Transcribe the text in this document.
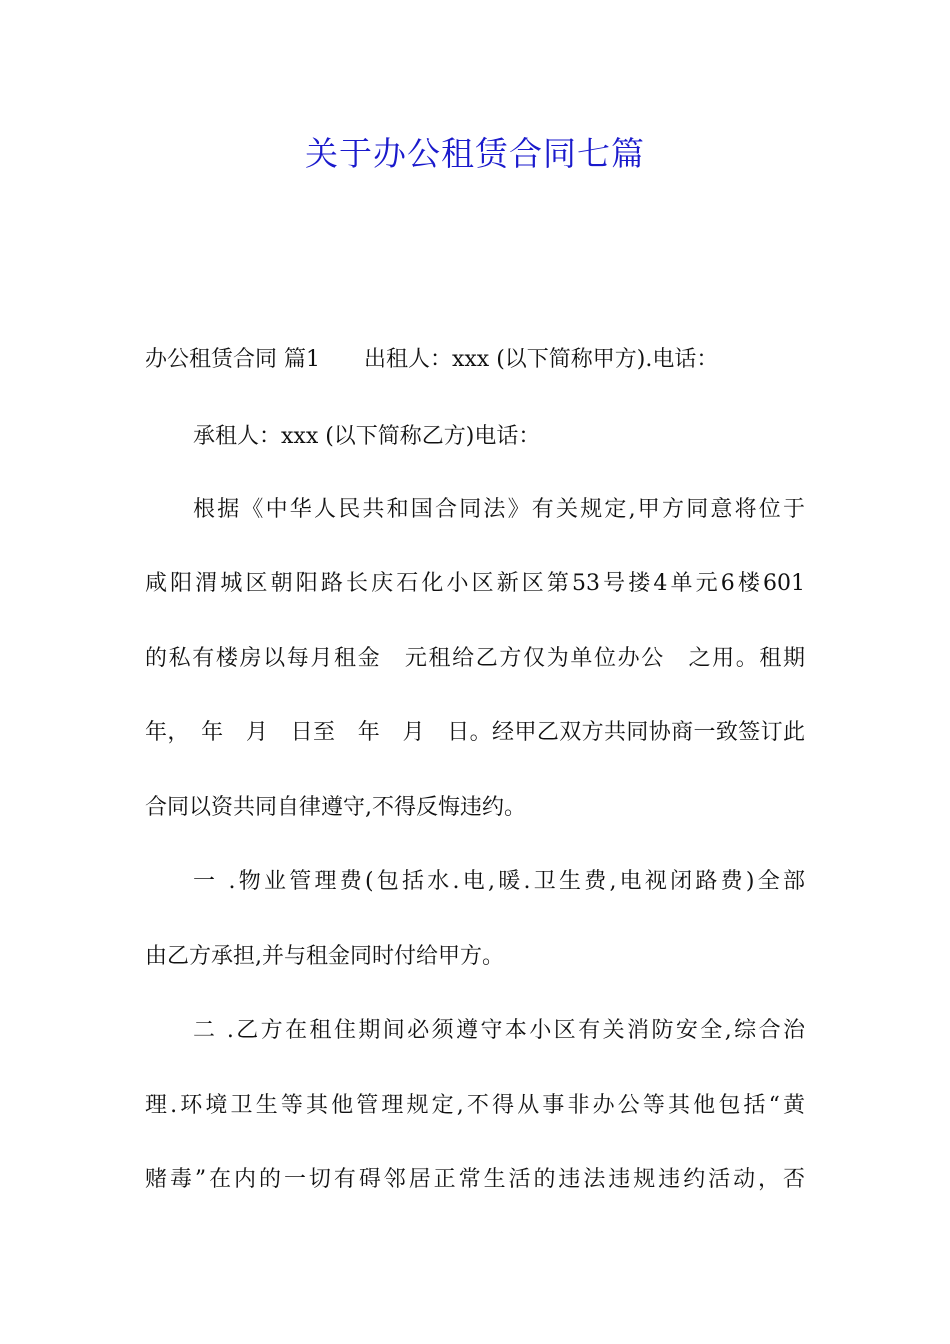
关于办公租赁合同七篇
办公租赁合同 篇1　　出租人：xxx (以下简称甲方).电话：
承租人：xxx (以下简称乙方)电话：
根据《中华人民共和国合同法》有关规定,甲方同意将位于
咸阳渭城区朝阳路长庆石化小区新区第53号搂4单元6楼601
的私有楼房以每月租金　元租给乙方仅为单位办公　之用。租期
年，　年　月　日至　年　月　日。经甲乙双方共同协商一致签订此
合同以资共同自律遵守,不得反悔违约。
一 .物业管理费(包括水.电,暖.卫生费,电视闭路费)全部
由乙方承担,并与租金同时付给甲方。
二 .乙方在租住期间必须遵守本小区有关消防安全,综合治
理.环境卫生等其他管理规定,不得从事非办公等其他包括“黄
赌毒”在内的一切有碍邻居正常生活的违法违规违约活动，否
